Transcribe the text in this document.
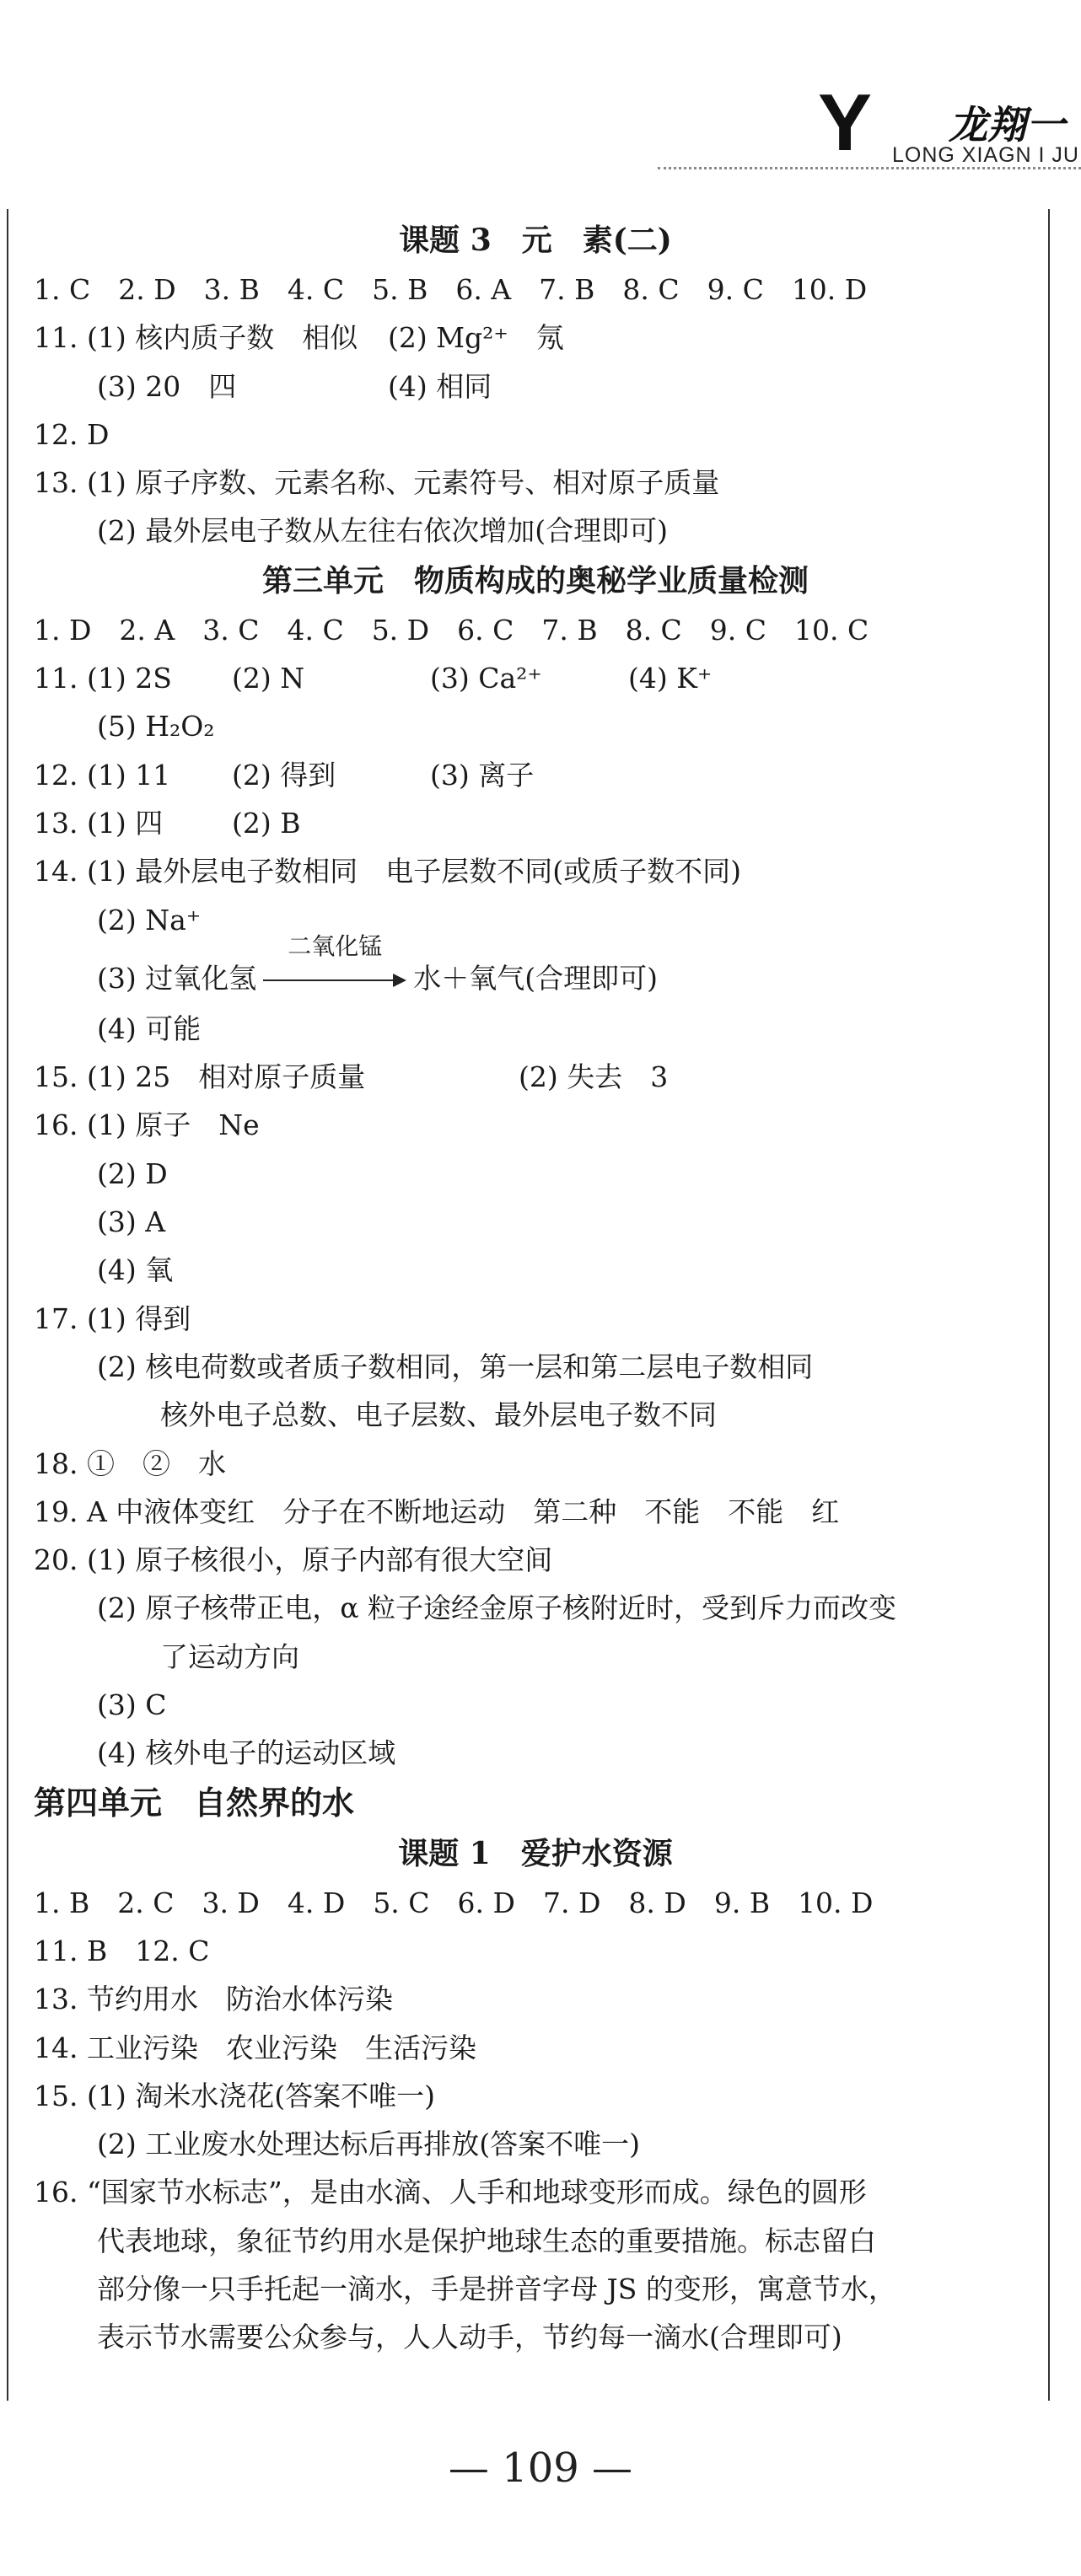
Y 龙翔一
LONG XIAGN I JU
课题 3　元　素(二)
1. C　2. D　3. B　4. C　5. B　6. A　7. B　8. C　9. C　10. D
11. (1) 核内质子数　相似 (2) Mg²⁺　氖
(3) 20　四	(4) 相同
12. D
13. (1) 原子序数、元素名称、元素符号、相对原子质量
(2) 最外层电子数从左往右依次增加(合理即可)
第三单元　物质构成的奥秘学业质量检测
1. D　2. A　3. C　4. C　5. D　6. C　7. B　8. C　9. C　10. C
11. (1) 2S (2) N	(3) Ca²⁺	(4) K⁺
(5) H₂O₂
12. (1) 11 (2) 得到	(3) 离子
13. (1) 四 (2) B
14. (1) 最外层电子数相同　电子层数不同(或质子数不同)
(2) Na⁺
(3) 过氧化氢
二氧化锰
水＋氧气(合理即可)
(4) 可能
15. (1) 25　相对原子质量	(2) 失去　3
16. (1) 原子　Ne
(2) D
(3) A
(4) 氧
17. (1) 得到
(2) 核电荷数或者质子数相同，第一层和第二层电子数相同
核外电子总数、电子层数、最外层电子数不同
18. ①　②　水
19. A 中液体变红　分子在不断地运动　第二种　不能　不能　红
20. (1) 原子核很小，原子内部有很大空间
(2) 原子核带正电，α 粒子途经金原子核附近时，受到斥力而改变
了运动方向
(3) C
(4) 核外电子的运动区域
第四单元　自然界的水
课题 1　爱护水资源
1. B　2. C　3. D　4. D　5. C　6. D　7. D　8. D　9. B　10. D
11. B　12. C
13. 节约用水　防治水体污染
14. 工业污染　农业污染　生活污染
15. (1) 淘米水浇花(答案不唯一)
(2) 工业废水处理达标后再排放(答案不唯一)
16. “国家节水标志”，是由水滴、人手和地球变形而成。绿色的圆形
代表地球，象征节约用水是保护地球生态的重要措施。标志留白
部分像一只手托起一滴水，手是拼音字母 JS 的变形，寓意节水，
表示节水需要公众参与，人人动手，节约每一滴水(合理即可)
— 109 —
